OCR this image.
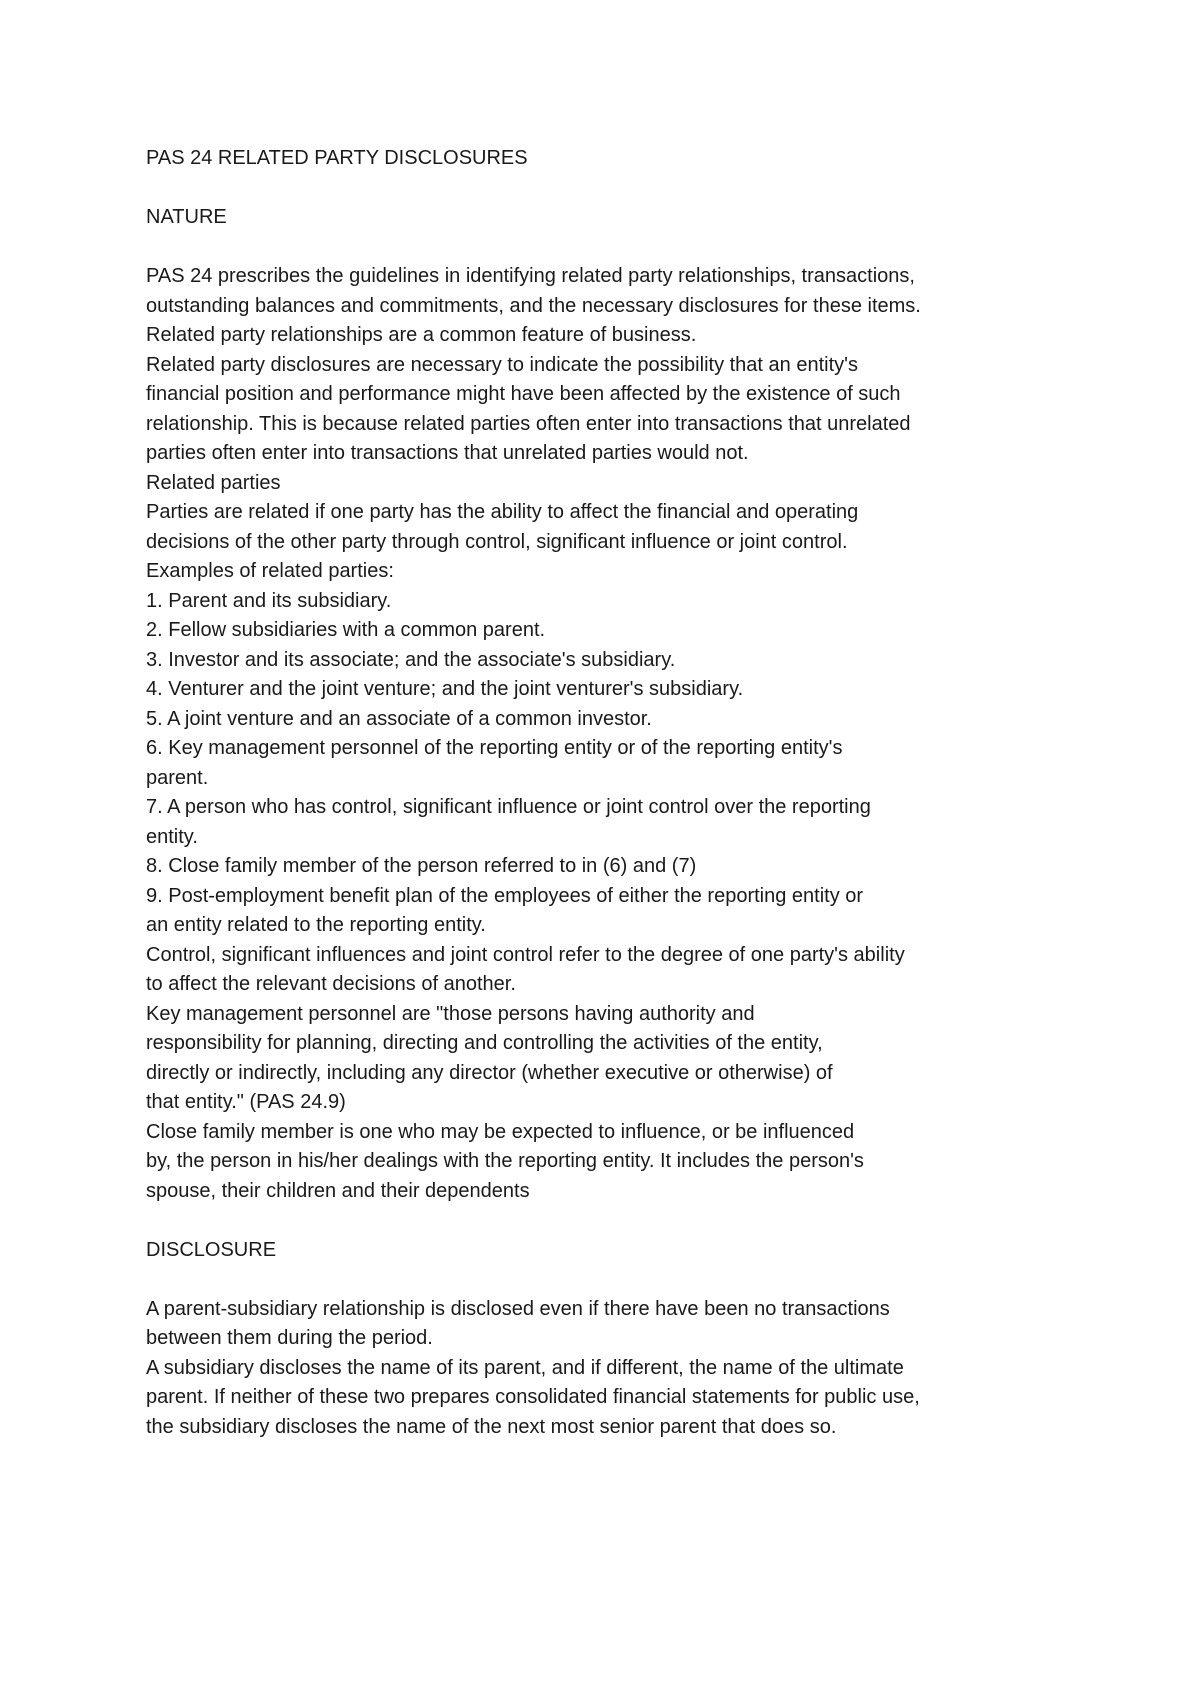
PAS 24 RELATED PARTY DISCLOSURES
NATURE
PAS 24 prescribes the guidelines in identifying related party relationships, transactions,
outstanding balances and commitments, and the necessary disclosures for these items.
Related party relationships are a common feature of business.
Related party disclosures are necessary to indicate the possibility that an entity's
financial position and performance might have been affected by the existence of such
relationship. This is because related parties often enter into transactions that unrelated
parties often enter into transactions that unrelated parties would not.
Related parties
Parties are related if one party has the ability to affect the financial and operating
decisions of the other party through control, significant influence or joint control.
Examples of related parties:
1. Parent and its subsidiary.
2. Fellow subsidiaries with a common parent.
3. Investor and its associate; and the associate's subsidiary.
4. Venturer and the joint venture; and the joint venturer's subsidiary.
5. A joint venture and an associate of a common investor.
6. Key management personnel of the reporting entity or of the reporting entity's
parent.
7. A person who has control, significant influence or joint control over the reporting
entity.
8. Close family member of the person referred to in (6) and (7)
9. Post-employment benefit plan of the employees of either the reporting entity or
an entity related to the reporting entity.
Control, significant influences and joint control refer to the degree of one party's ability
to affect the relevant decisions of another.
Key management personnel are "those persons having authority and
responsibility for planning, directing and controlling the activities of the entity,
directly or indirectly, including any director (whether executive or otherwise) of
that entity." (PAS 24.9)
Close family member is one who may be expected to influence, or be influenced
by, the person in his/her dealings with the reporting entity. It includes the person's
spouse, their children and their dependents
DISCLOSURE
A parent-subsidiary relationship is disclosed even if there have been no transactions
between them during the period.
A subsidiary discloses the name of its parent, and if different, the name of the ultimate
parent. If neither of these two prepares consolidated financial statements for public use,
the subsidiary discloses the name of the next most senior parent that does so.
